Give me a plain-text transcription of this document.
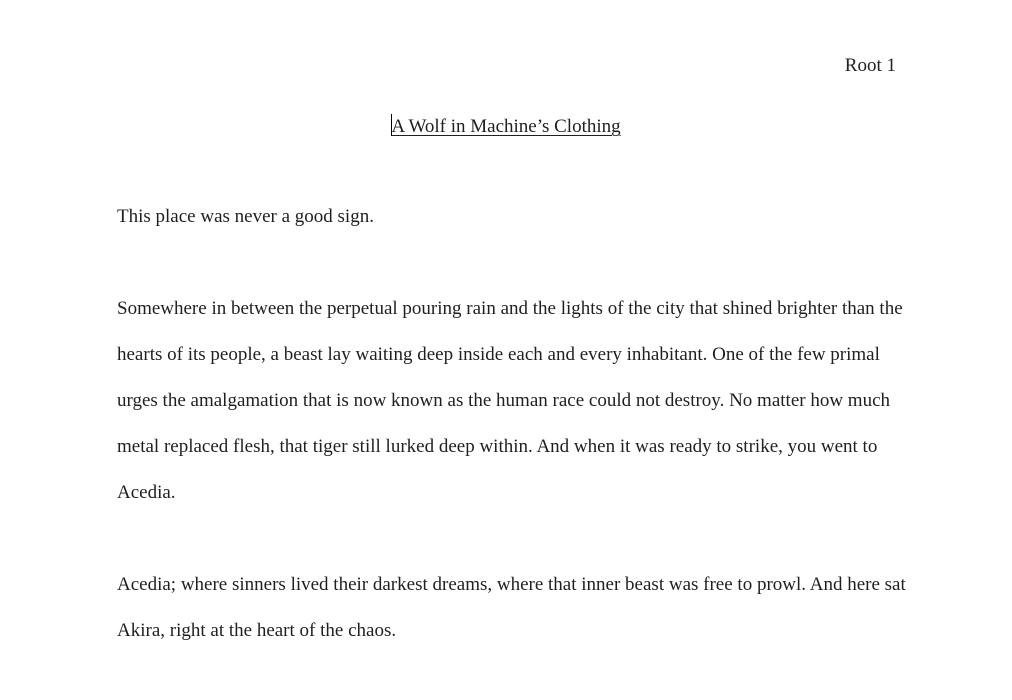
Root 1
A Wolf in Machine’s Clothing

This place was never a good sign.

Somewhere in between the perpetual pouring rain and the lights of the city that shined brighter than the hearts of its people, a beast lay waiting deep inside each and every inhabitant. One of the few primal urges the amalgamation that is now known as the human race could not destroy. No matter how much metal replaced flesh, that tiger still lurked deep within. And when it was ready to strike, you went to Acedia.

Acedia; where sinners lived their darkest dreams, where that inner beast was free to prowl. And here sat Akira, right at the heart of the chaos.
